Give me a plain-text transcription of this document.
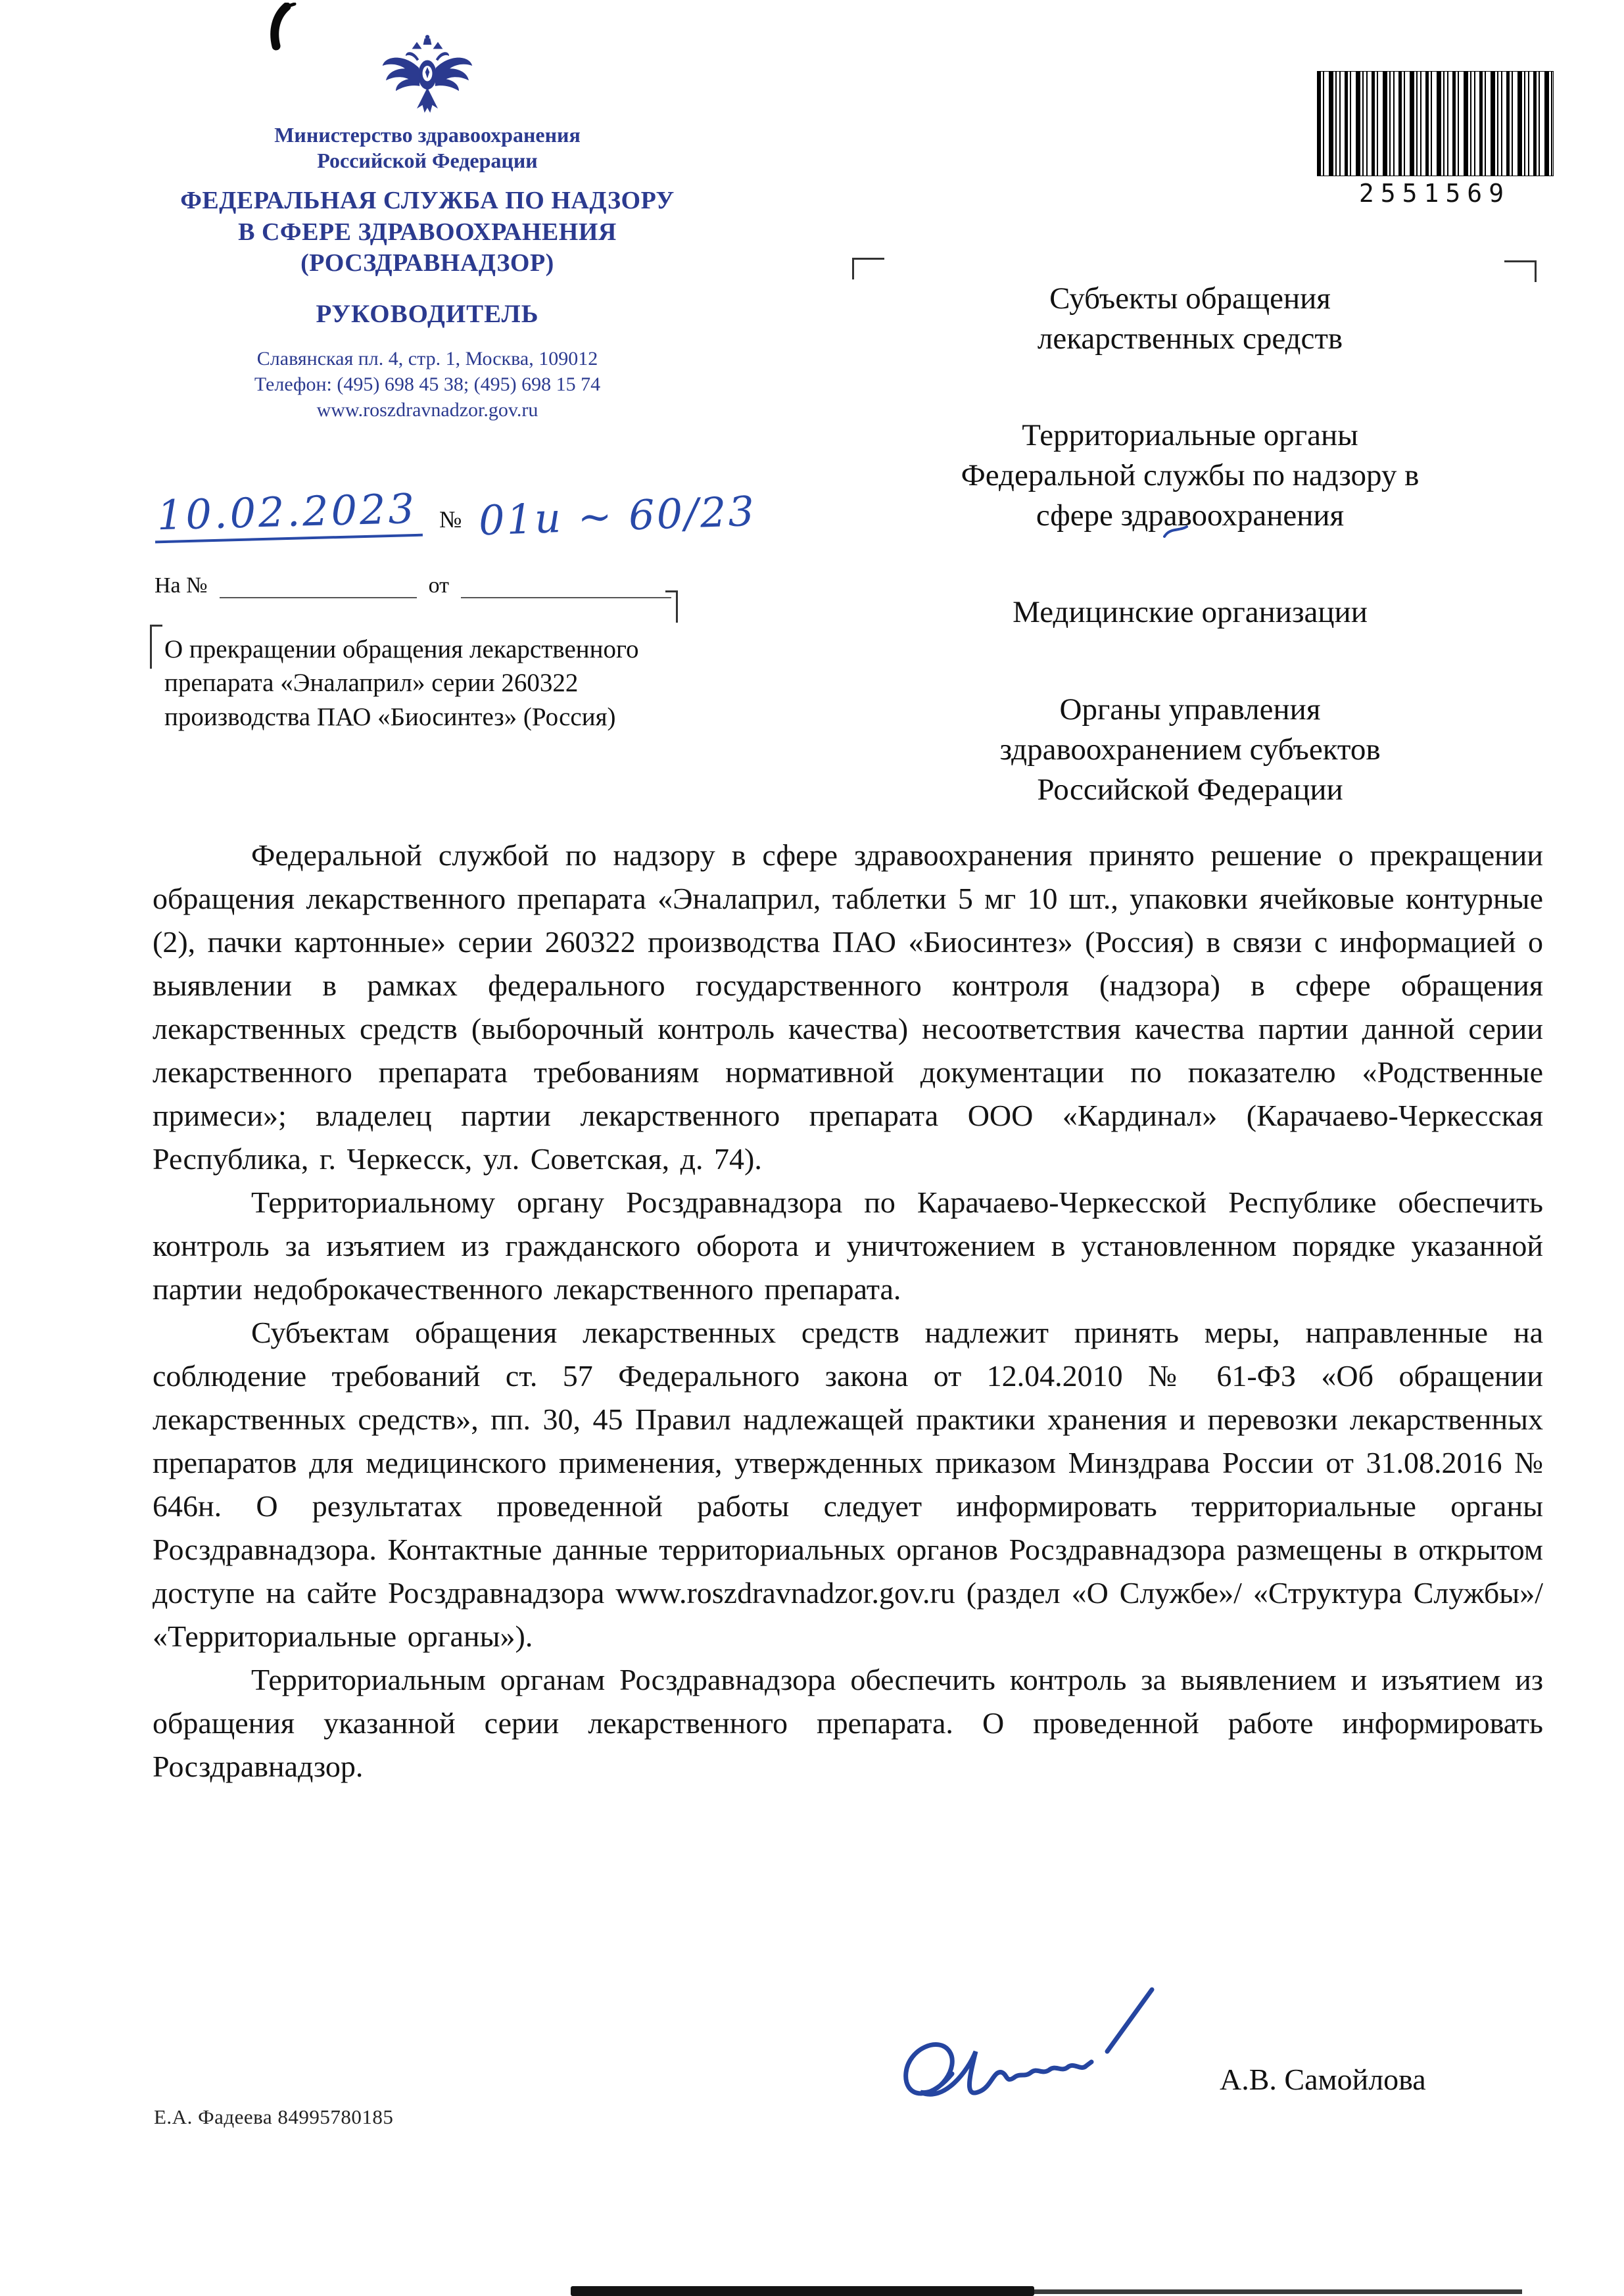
Министерство здравоохранения
Российской Федерации
ФЕДЕРАЛЬНАЯ СЛУЖБА ПО НАДЗОРУ
В СФЕРЕ ЗДРАВООХРАНЕНИЯ
(РОСЗДРАВНАДЗОР)
РУКОВОДИТЕЛЬ
Славянская пл. 4, стр. 1, Москва, 109012
Телефон: (495) 698 45 38; (495) 698 15 74
www.roszdravnadzor.gov.ru
10.02.2023 № 01и ~ 60/23
На №	от
О прекращении обращения лекарственного
препарата «Эналаприл» серии 260322
производства ПАО «Биосинтез» (Россия)
2551569
Субъекты обращения
лекарственных средств
Территориальные органы
Федеральной службы по надзору в
сфере здравоохранения
Медицинские организации
Органы управления
здравоохранением субъектов
Российской Федерации

Федеральной службой по надзору в сфере здравоохранения принято решение о прекращении обращения лекарственного препарата «Эналаприл, таблетки 5 мг 10 шт., упаковки ячейковые контурные (2), пачки картонные» серии 260322 производства ПАО «Биосинтез» (Россия) в связи с информацией о выявлении в рамках федерального государственного контроля (надзора) в сфере обращения лекарственных средств (выборочный контроль качества) несоответствия качества партии данной серии лекарственного препарата требованиям нормативной документации по показателю «Родственные примеси»; владелец партии лекарственного препарата ООО «Кардинал» (Карачаево-Черкесская Республика, г. Черкесск, ул. Советская, д. 74).

Территориальному органу Росздравнадзора по Карачаево-Черкесской Республике обеспечить контроль за изъятием из гражданского оборота и уничтожением в установленном порядке указанной партии недоброкачественного лекарственного препарата.

Субъектам обращения лекарственных средств надлежит принять меры, направленные на соблюдение требований ст. 57 Федерального закона от 12.04.2010 № 61-ФЗ «Об обращении лекарственных средств», пп. 30, 45 Правил надлежащей практики хранения и перевозки лекарственных препаратов для медицинского применения, утвержденных приказом Минздрава России от 31.08.2016 № 646н. О результатах проведенной работы следует информировать территориальные органы Росздравнадзора. Контактные данные территориальных органов Росздравнадзора размещены в открытом доступе на сайте Росздравнадзора www.roszdravnadzor.gov.ru (раздел «О Службе»/ «Структура Службы»/ «Территориальные органы»).

Территориальным органам Росздравнадзора обеспечить контроль за выявлением и изъятием из обращения указанной серии лекарственного препарата. О проведенной работе информировать Росздравнадзор.

А.В. Самойлова
Е.А. Фадеева 84995780185
